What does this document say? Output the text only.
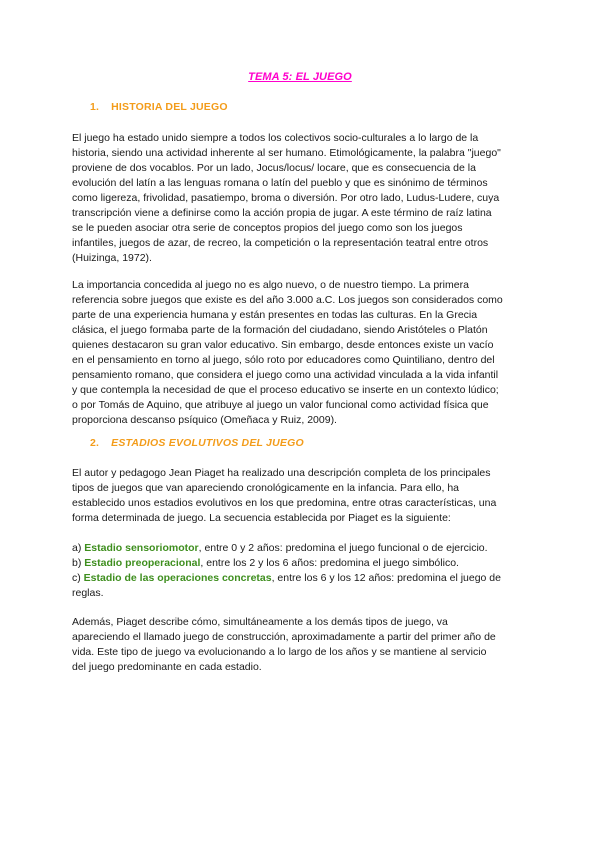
TEMA 5: EL JUEGO
1. HISTORIA DEL JUEGO

El juego ha estado unido siempre a todos los colectivos socio-culturales a lo largo de la
historia, siendo una actividad inherente al ser humano. Etimológicamente, la palabra "juego"
proviene de dos vocablos. Por un lado, Jocus/locus/ locare, que es consecuencia de la
evolución del latín a las lenguas romana o latín del pueblo y que es sinónimo de términos
como ligereza, frivolidad, pasatiempo, broma o diversión. Por otro lado, Ludus-Ludere, cuya
transcripción viene a definirse como la acción propia de jugar. A este término de raíz latina
se le pueden asociar otra serie de conceptos propios del juego como son los juegos
infantiles, juegos de azar, de recreo, la competición o la representación teatral entre otros
(Huizinga, 1972).

La importancia concedida al juego no es algo nuevo, o de nuestro tiempo. La primera
referencia sobre juegos que existe es del año 3.000 a.C. Los juegos son considerados como
parte de una experiencia humana y están presentes en todas las culturas. En la Grecia
clásica, el juego formaba parte de la formación del ciudadano, siendo Aristóteles o Platón
quienes destacaron su gran valor educativo. Sin embargo, desde entonces existe un vacío
en el pensamiento en torno al juego, sólo roto por educadores como Quintiliano, dentro del
pensamiento romano, que considera el juego como una actividad vinculada a la vida infantil
y que contempla la necesidad de que el proceso educativo se inserte en un contexto lúdico;
o por Tomás de Aquino, que atribuye al juego un valor funcional como actividad física que
proporciona descanso psíquico (Omeñaca y Ruiz, 2009).

2. ESTADIOS EVOLUTIVOS DEL JUEGO

El autor y pedagogo Jean Piaget ha realizado una descripción completa de los principales
tipos de juegos que van apareciendo cronológicamente en la infancia. Para ello, ha
establecido unos estadios evolutivos en los que predomina, entre otras características, una
forma determinada de juego. La secuencia establecida por Piaget es la siguiente:

a) Estadio sensoriomotor, entre 0 y 2 años: predomina el juego funcional o de ejercicio.
b) Estadio preoperacional, entre los 2 y los 6 años: predomina el juego simbólico.
c) Estadio de las operaciones concretas, entre los 6 y los 12 años: predomina el juego de
reglas.

Además, Piaget describe cómo, simultáneamente a los demás tipos de juego, va
apareciendo el llamado juego de construcción, aproximadamente a partir del primer año de
vida. Este tipo de juego va evolucionando a lo largo de los años y se mantiene al servicio
del juego predominante en cada estadio.
